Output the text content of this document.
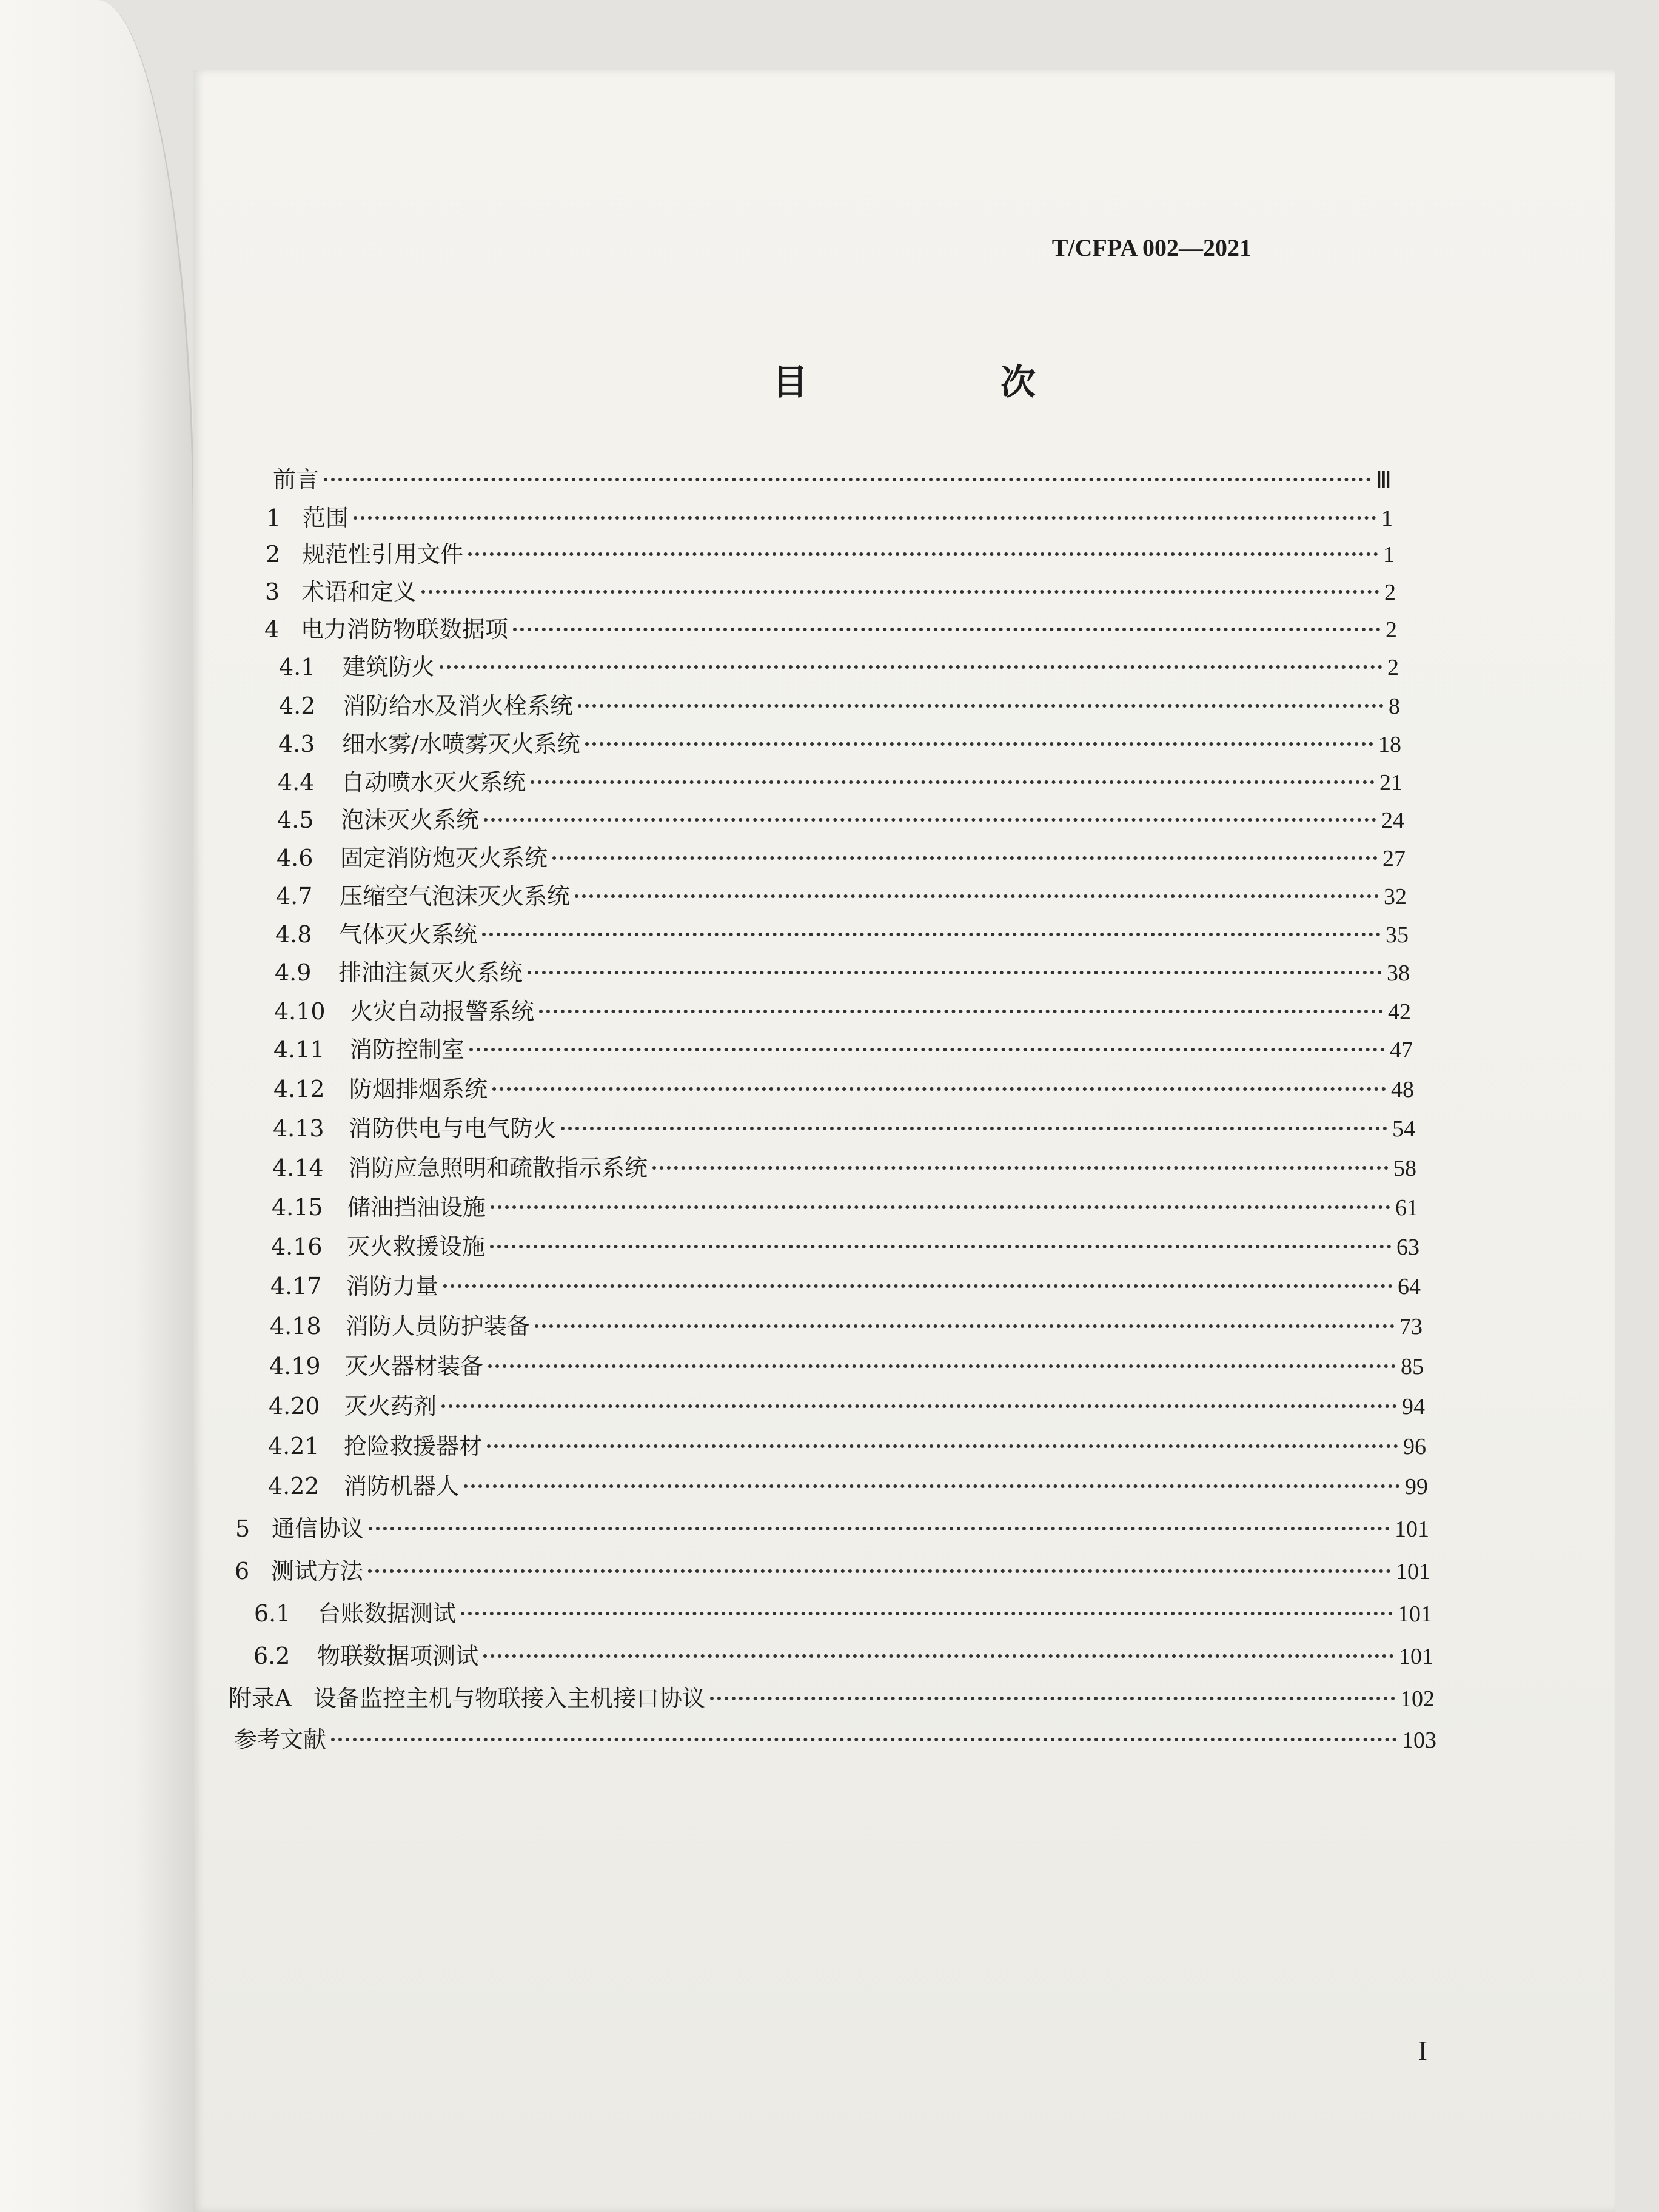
T/CFPA 002—2021
目　次
前言	Ⅲ
1 范围	1
2 规范性引用文件	1
3 术语和定义	2
4 电力消防物联数据项	2
4.1	建筑防火	2
4.2	消防给水及消火栓系统	8
4.3	细水雾/水喷雾灭火系统	18
4.4	自动喷水灭火系统	21
4.5	泡沫灭火系统	24
4.6	固定消防炮灭火系统	27
4.7	压缩空气泡沫灭火系统	32
4.8	气体灭火系统	35
4.9	排油注氮灭火系统	38
4.10	火灾自动报警系统	42
4.11	消防控制室	47
4.12	防烟排烟系统	48
4.13	消防供电与电气防火	54
4.14	消防应急照明和疏散指示系统	58
4.15	储油挡油设施	61
4.16	灭火救援设施	63
4.17	消防力量	64
4.18	消防人员防护装备	73
4.19	灭火器材装备	85
4.20	灭火药剂	94
4.21	抢险救援器材	96
4.22	消防机器人	99
5 通信协议	101
6 测试方法	101
6.1	台账数据测试	101
6.2	物联数据项测试	101
附录A 设备监控主机与物联接入主机接口协议	102
参考文献	103
I
